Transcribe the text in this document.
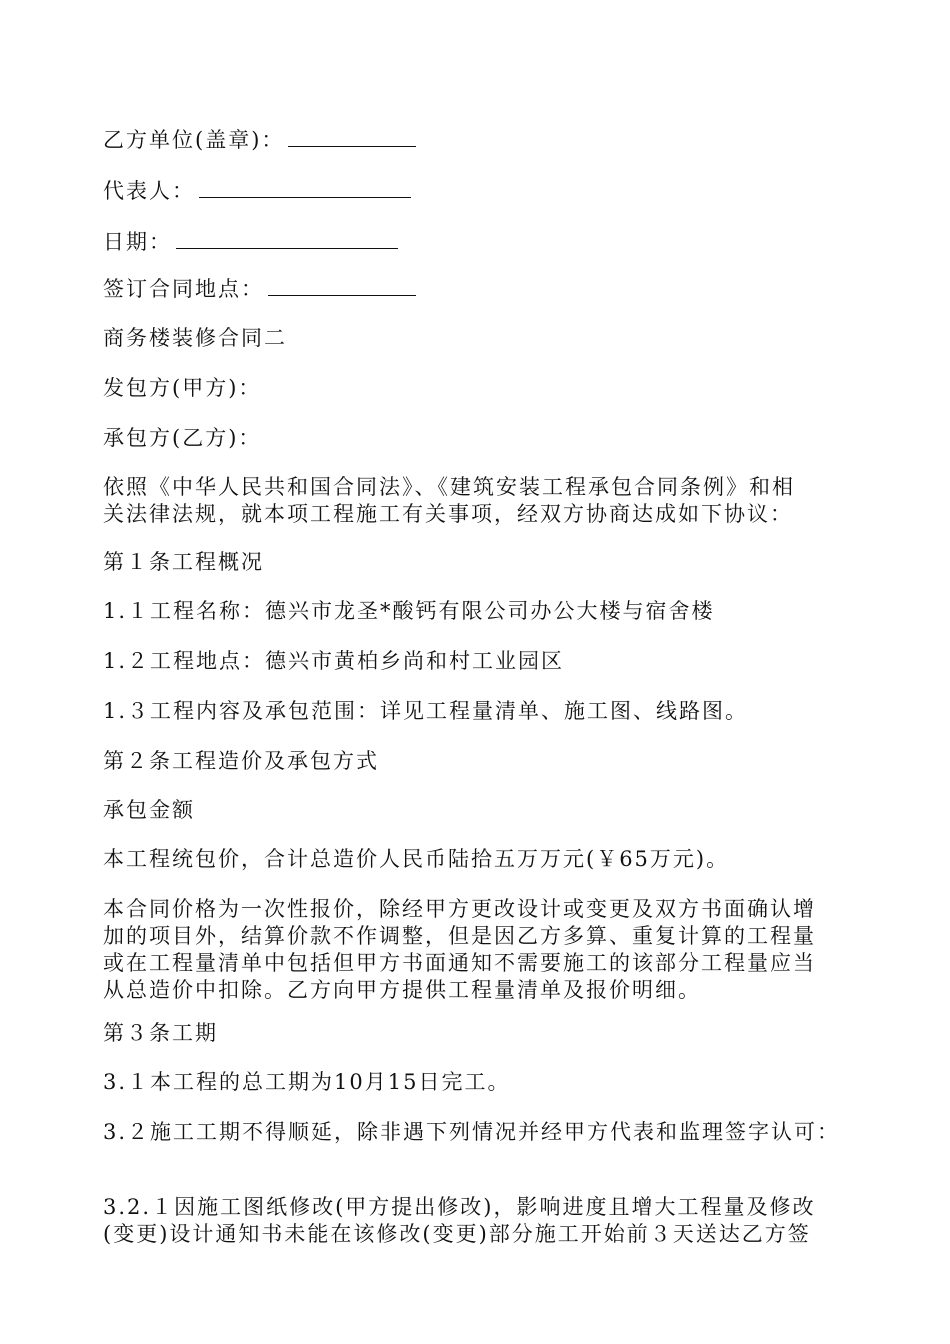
乙方单位(盖章)：
代表人：
日期：
签订合同地点：
商务楼装修合同二
发包方(甲方)：
承包方(乙方)：
依照《中华人民共和国合同法》、《建筑安装工程承包合同条例》和相
关法律法规，就本项工程施工有关事项，经双方协商达成如下协议：
第１条工程概况
1.１工程名称：德兴市龙圣*酸钙有限公司办公大楼与宿舍楼
1.２工程地点：德兴市黄柏乡尚和村工业园区
1.３工程内容及承包范围：详见工程量清单、施工图、线路图。
第２条工程造价及承包方式
承包金额
本工程统包价，合计总造价人民币陆拾五万万元(￥65万元)。
本合同价格为一次性报价，除经甲方更改设计或变更及双方书面确认增
加的项目外，结算价款不作调整，但是因乙方多算、重复计算的工程量
或在工程量清单中包括但甲方书面通知不需要施工的该部分工程量应当
从总造价中扣除。乙方向甲方提供工程量清单及报价明细。
第３条工期
3.１本工程的总工期为10月15日完工。
3.２施工工期不得顺延，除非遇下列情况并经甲方代表和监理签字认可：
3.2.１因施工图纸修改(甲方提出修改)，影响进度且增大工程量及修改
(变更)设计通知书未能在该修改(变更)部分施工开始前３天送达乙方签
